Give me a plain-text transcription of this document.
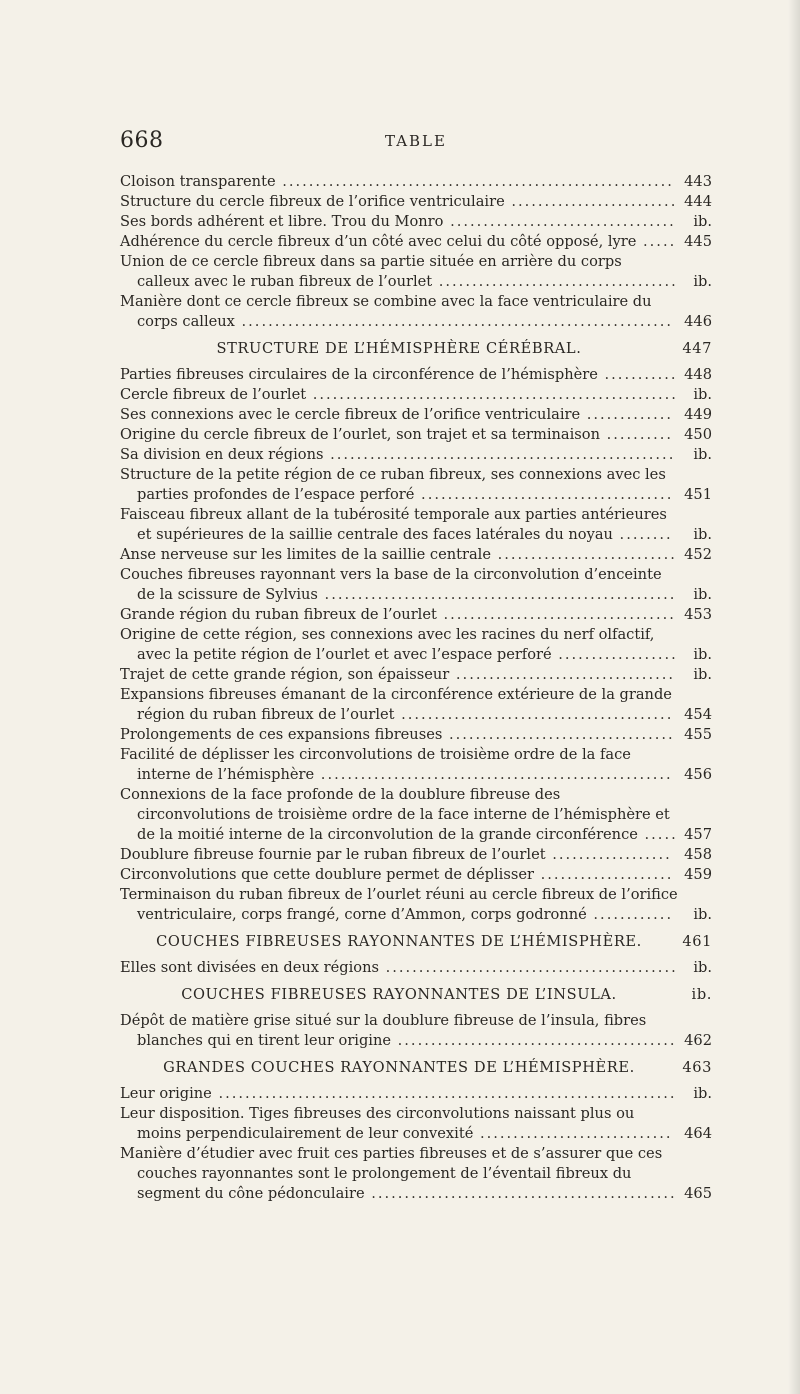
668	TABLE
Cloison transparente ........................................................... 443
Structure du cercle fibreux de l’orifice ventriculaire ......................... 444
Ses bords adhérent et libre. Trou du Monro ..................................	ib.
Adhérence du cercle fibreux d’un côté avec celui du côté opposé, lyre ..... 445
Union de ce cercle fibreux dans sa partie située en arrière du corps calleux avec le ruban fibreux de l’ourlet ....................................	ib.
Manière dont ce cercle fibreux se combine avec la face ventriculaire du corps calleux ................................................................. 446
STRUCTURE DE L’HÉMISPHÈRE CÉRÉBRAL.	447
Parties fibreuses circulaires de la circonférence de l’hémisphère ........... 448
Cercle fibreux de l’ourlet .......................................................	ib.
Ses connexions avec le cercle fibreux de l’orifice ventriculaire ............. 449
Origine du cercle fibreux de l’ourlet, son trajet et sa terminaison .......... 450
Sa division en deux régions ....................................................	ib.
Structure de la petite région de ce ruban fibreux, ses connexions avec les parties profondes de l’espace perforé ...................................... 451
Faisceau fibreux allant de la tubérosité temporale aux parties antérieures et supérieures de la saillie centrale des faces latérales du noyau ........	ib.
Anse nerveuse sur les limites de la saillie centrale ........................... 452
Couches fibreuses rayonnant vers la base de la circonvolution d’enceinte de la scissure de Sylvius .....................................................	ib.
Grande région du ruban fibreux de l’ourlet ................................... 453
Origine de cette région, ses connexions avec les racines du nerf olfactif, avec la petite région de l’ourlet et avec l’espace perforé ..................	ib.
Trajet de cette grande région, son épaisseur .................................	ib.
Expansions fibreuses émanant de la circonférence extérieure de la grande région du ruban fibreux de l’ourlet ......................................... 454
Prolongements de ces expansions fibreuses .................................. 455
Facilité de déplisser les circonvolutions de troisième ordre de la face interne de l’hémisphère ..................................................... 456
Connexions de la face profonde de la doublure fibreuse des circonvolutions de troisième ordre de la face interne de l’hémisphère et de la moitié interne de la circonvolution de la grande circonférence ..... 457
Doublure fibreuse fournie par le ruban fibreux de l’ourlet .................. 458
Circonvolutions que cette doublure permet de déplisser .................... 459
Terminaison du ruban fibreux de l’ourlet réuni au cercle fibreux de l’orifice ventriculaire, corps frangé, corne d’Ammon, corps godronné ............	ib.
COUCHES FIBREUSES RAYONNANTES DE L’HÉMISPHÈRE.	461
Elles sont divisées en deux régions ............................................	ib.
COUCHES FIBREUSES RAYONNANTES DE L’INSULA.	ib.
Dépôt de matière grise situé sur la doublure fibreuse de l’insula, fibres blanches qui en tirent leur origine .......................................... 462
GRANDES COUCHES RAYONNANTES DE L’HÉMISPHÈRE.	463
Leur origine .....................................................................	ib.
Leur disposition. Tiges fibreuses des circonvolutions naissant plus ou moins perpendiculairement de leur convexité ............................. 464
Manière d’étudier avec fruit ces parties fibreuses et de s’assurer que ces couches rayonnantes sont le prolongement de l’éventail fibreux du segment du cône pédonculaire .............................................. 465
